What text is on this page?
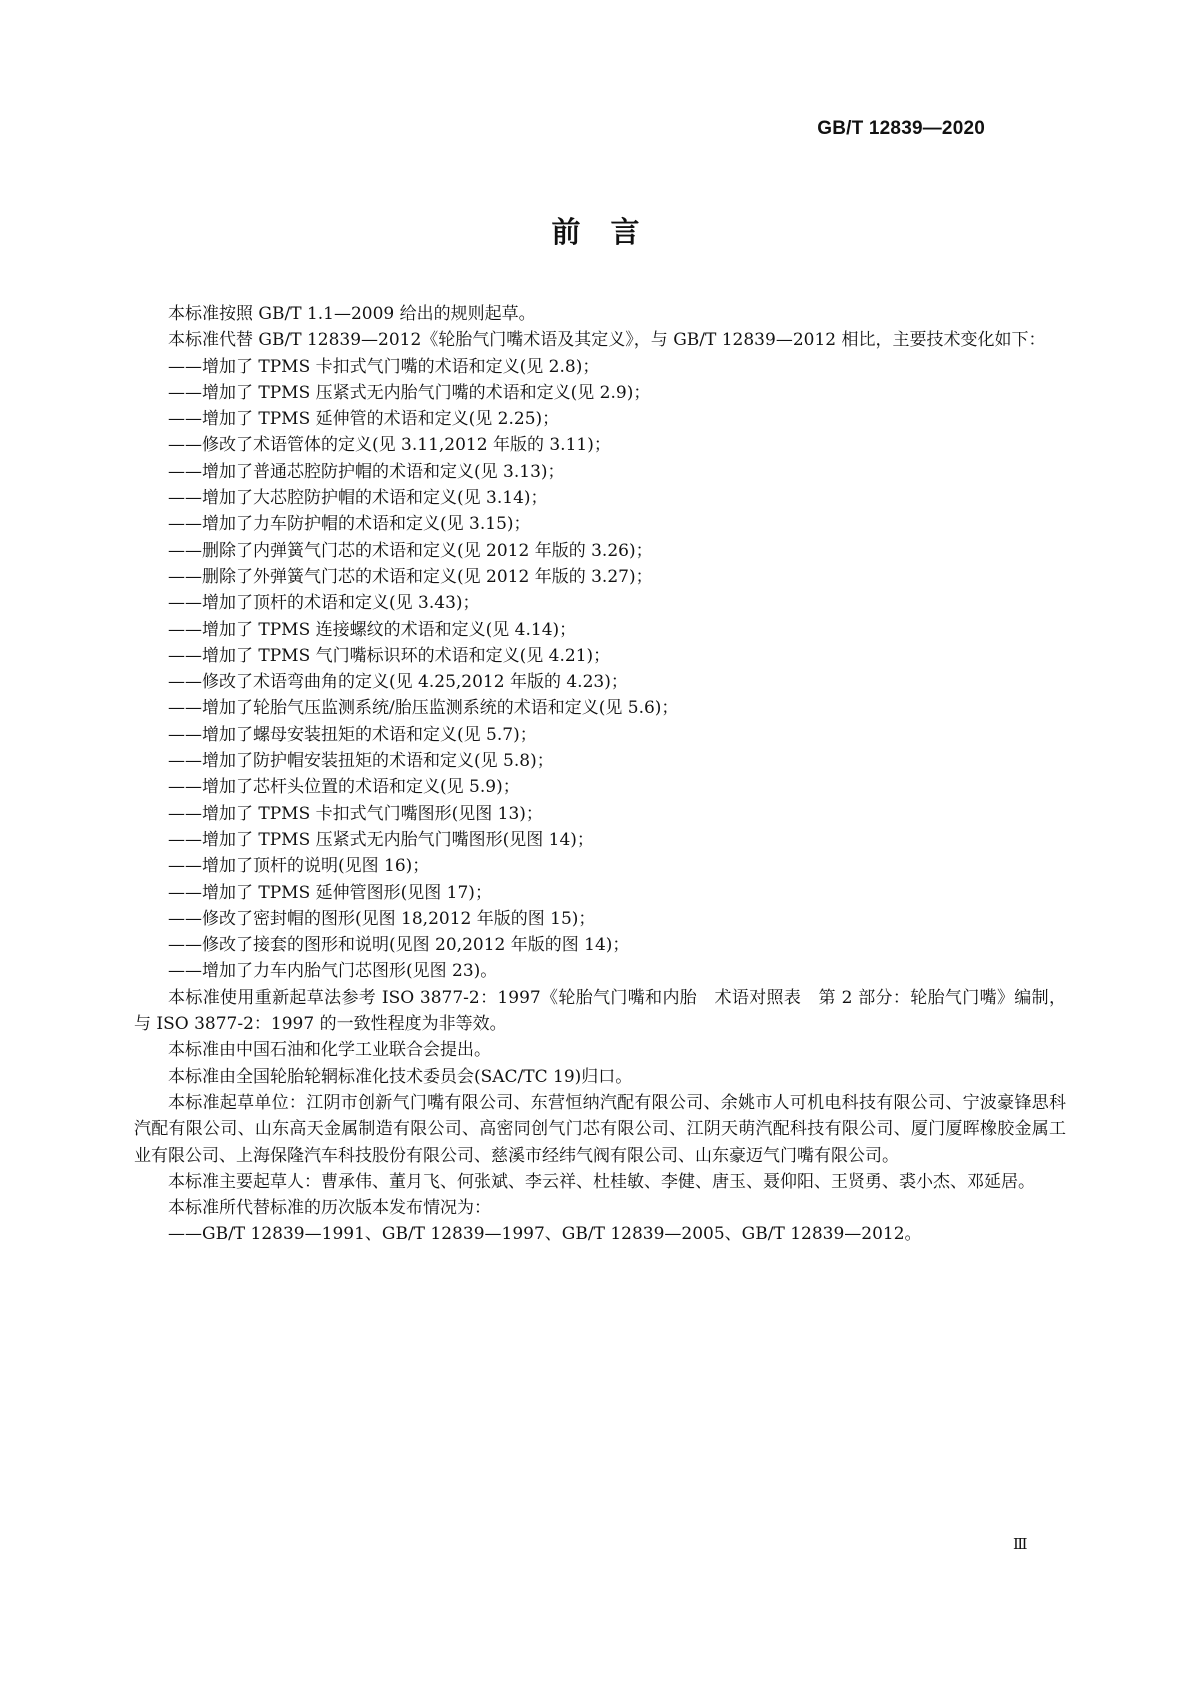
GB/T 12839—2020
前言

本标准按照 GB/T 1.1—2009 给出的规则起草。

本标准代替 GB/T 12839—2012《轮胎气门嘴术语及其定义》，与 GB/T 12839—2012 相比，主要技术变化如下：

——增加了 TPMS 卡扣式气门嘴的术语和定义(见 2.8)；
——增加了 TPMS 压紧式无内胎气门嘴的术语和定义(见 2.9)；
——增加了 TPMS 延伸管的术语和定义(见 2.25)；
——修改了术语管体的定义(见 3.11,2012 年版的 3.11)；
——增加了普通芯腔防护帽的术语和定义(见 3.13)；
——增加了大芯腔防护帽的术语和定义(见 3.14)；
——增加了力车防护帽的术语和定义(见 3.15)；
——删除了内弹簧气门芯的术语和定义(见 2012 年版的 3.26)；
——删除了外弹簧气门芯的术语和定义(见 2012 年版的 3.27)；
——增加了顶杆的术语和定义(见 3.43)；
——增加了 TPMS 连接螺纹的术语和定义(见 4.14)；
——增加了 TPMS 气门嘴标识环的术语和定义(见 4.21)；
——修改了术语弯曲角的定义(见 4.25,2012 年版的 4.23)；
——增加了轮胎气压监测系统/胎压监测系统的术语和定义(见 5.6)；
——增加了螺母安装扭矩的术语和定义(见 5.7)；
——增加了防护帽安装扭矩的术语和定义(见 5.8)；
——增加了芯杆头位置的术语和定义(见 5.9)；
——增加了 TPMS 卡扣式气门嘴图形(见图 13)；
——增加了 TPMS 压紧式无内胎气门嘴图形(见图 14)；
——增加了顶杆的说明(见图 16)；
——增加了 TPMS 延伸管图形(见图 17)；
——修改了密封帽的图形(见图 18,2012 年版的图 15)；
——修改了接套的图形和说明(见图 20,2012 年版的图 14)；
——增加了力车内胎气门芯图形(见图 23)。

本标准使用重新起草法参考 ISO 3877-2：1997《轮胎气门嘴和内胎　术语对照表　第 2 部分：轮胎气门嘴》编制，与 ISO 3877-2：1997 的一致性程度为非等效。

本标准由中国石油和化学工业联合会提出。

本标准由全国轮胎轮辋标准化技术委员会(SAC/TC 19)归口。

本标准起草单位：江阴市创新气门嘴有限公司、东营恒纳汽配有限公司、余姚市人可机电科技有限公司、宁波豪锋思科汽配有限公司、山东高天金属制造有限公司、高密同创气门芯有限公司、江阴天萌汽配科技有限公司、厦门厦晖橡胶金属工业有限公司、上海保隆汽车科技股份有限公司、慈溪市经纬气阀有限公司、山东豪迈气门嘴有限公司。

本标准主要起草人：曹承伟、董月飞、何张斌、李云祥、杜桂敏、李健、唐玉、聂仰阳、王贤勇、裘小杰、邓延居。

本标准所代替标准的历次版本发布情况为：

——GB/T 12839—1991、GB/T 12839—1997、GB/T 12839—2005、GB/T 12839—2012。
Ⅲ
